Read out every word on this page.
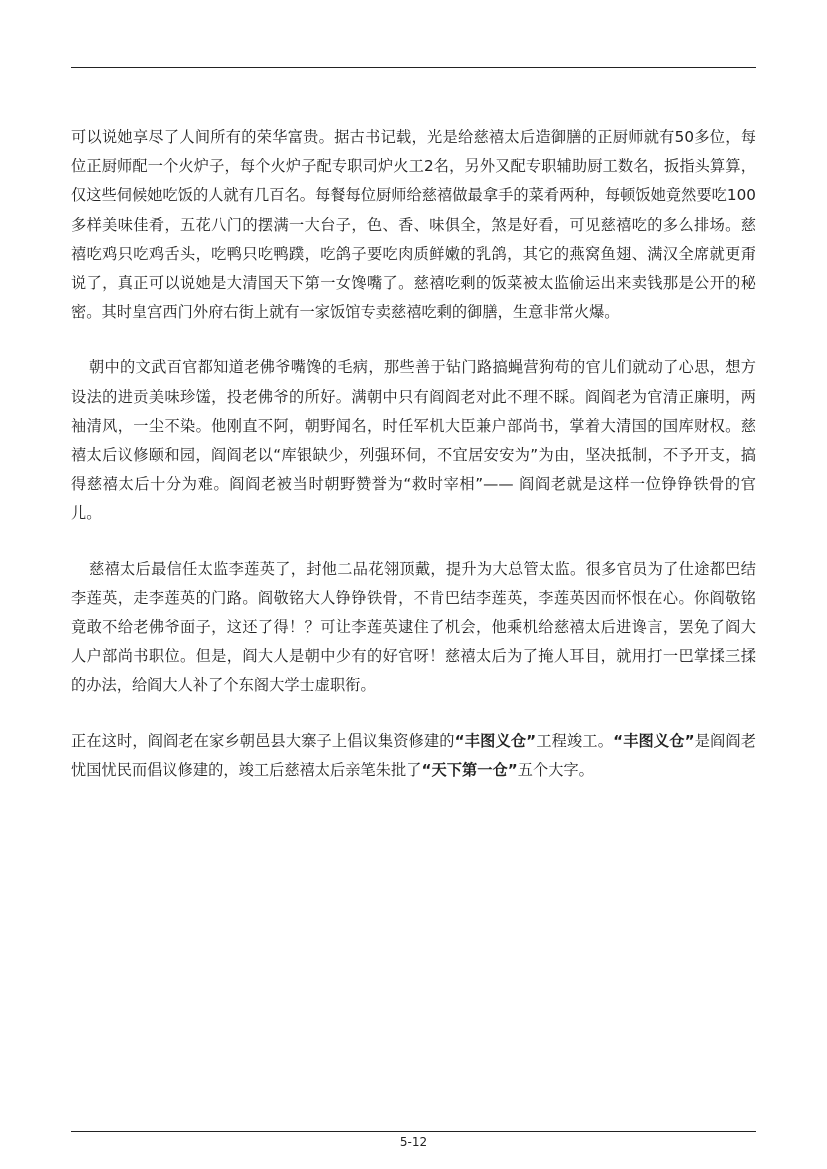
可以说她享尽了人间所有的荣华富贵。据古书记载，光是给慈禧太后造御膳的正厨师就有50多位，每位正厨师配一个火炉子，每个火炉子配专职司炉火工2名，另外又配专职辅助厨工数名，扳指头算算，仅这些伺候她吃饭的人就有几百名。每餐每位厨师给慈禧做最拿手的菜肴两种，每顿饭她竟然要吃100多样美味佳肴，五花八门的摆满一大台子，色、香、味俱全，煞是好看，可见慈禧吃的多么排场。慈禧吃鸡只吃鸡舌头，吃鸭只吃鸭蹼，吃鸽子要吃肉质鲜嫩的乳鸽，其它的燕窝鱼翅、满汉全席就更甭说了，真正可以说她是大清国天下第一女馋嘴了。慈禧吃剩的饭菜被太监偷运出来卖钱那是公开的秘密。其时皇宫西门外府右街上就有一家饭馆专卖慈禧吃剩的御膳，生意非常火爆。

朝中的文武百官都知道老佛爷嘴馋的毛病，那些善于钻门路搞蝇营狗苟的官儿们就动了心思，想方设法的进贡美味珍馐，投老佛爷的所好。满朝中只有阎阎老对此不理不睬。阎阎老为官清正廉明，两袖清风，一尘不染。他刚直不阿，朝野闻名，时任军机大臣兼户部尚书，掌着大清国的国库财权。慈禧太后议修颐和园，阎阎老以“库银缺少，列强环伺，不宜居安安为”为由，坚决抵制，不予开支，搞得慈禧太后十分为难。阎阎老被当时朝野赞誉为“救时宰相”—— 阎阎老就是这样一位铮铮铁骨的官儿。

慈禧太后最信任太监李莲英了，封他二品花翎顶戴，提升为大总管太监。很多官员为了仕途都巴结李莲英，走李莲英的门路。阎敬铭大人铮铮铁骨，不肯巴结李莲英，李莲英因而怀恨在心。你阎敬铭竟敢不给老佛爷面子，这还了得！？可让李莲英逮住了机会，他乘机给慈禧太后进谗言，罢免了阎大人户部尚书职位。但是，阎大人是朝中少有的好官呀！慈禧太后为了掩人耳目，就用打一巴掌揉三揉的办法，给阎大人补了个东阁大学士虚职衔。

正在这时，阎阎老在家乡朝邑县大寨子上倡议集资修建的“丰图义仓”工程竣工。“丰图义仓”是阎阎老忧国忧民而倡议修建的，竣工后慈禧太后亲笔朱批了“天下第一仓”五个大字。

5-12
